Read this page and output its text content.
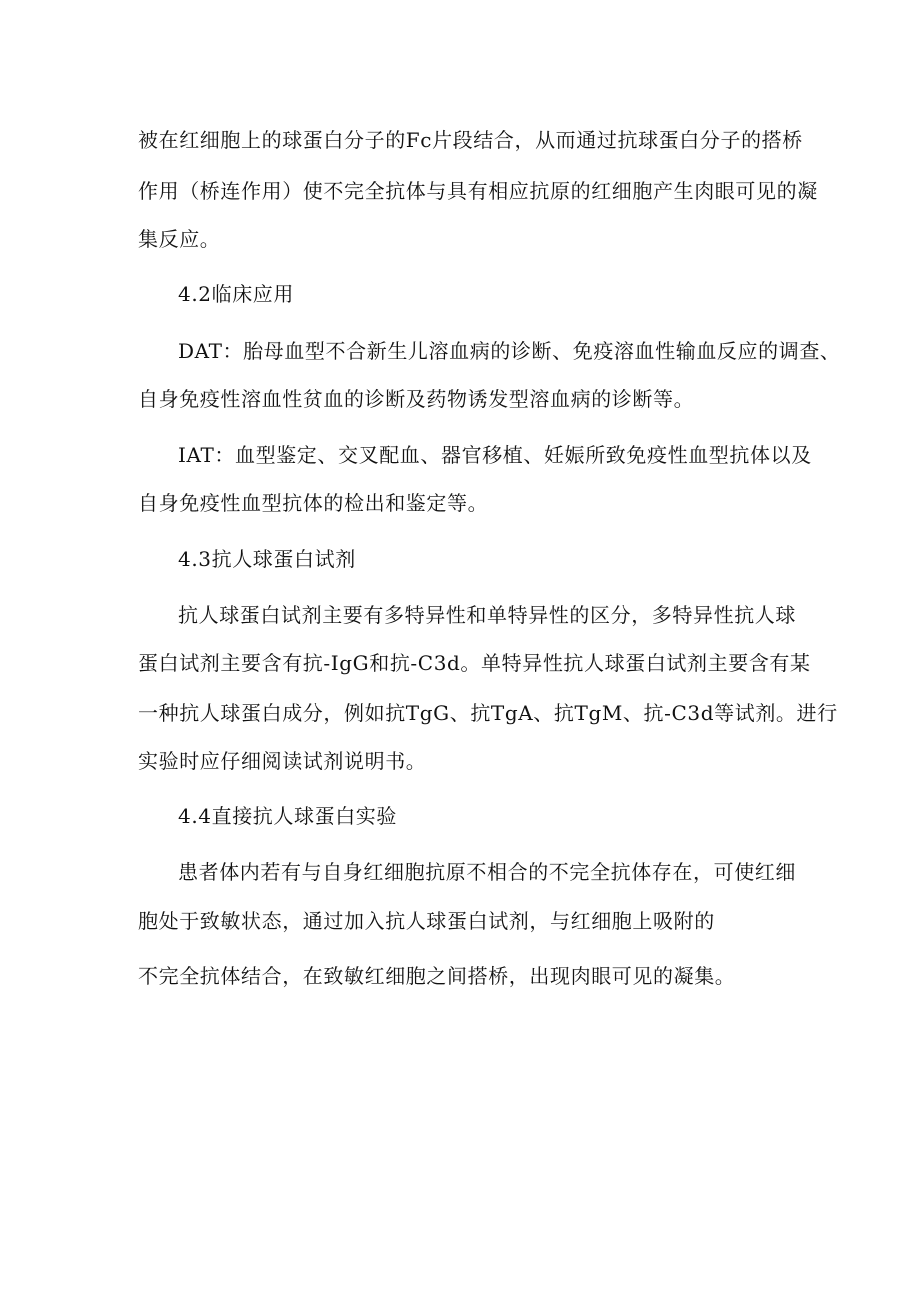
被在红细胞上的球蛋白分子的Fc片段结合，从而通过抗球蛋白分子的搭桥
作用（桥连作用）使不完全抗体与具有相应抗原的红细胞产生肉眼可见的凝
集反应。
4.2临床应用
DAT：胎母血型不合新生儿溶血病的诊断、免疫溶血性输血反应的调查、
自身免疫性溶血性贫血的诊断及药物诱发型溶血病的诊断等。
IAT：血型鉴定、交叉配血、器官移植、妊娠所致免疫性血型抗体以及
自身免疫性血型抗体的检出和鉴定等。
4.3抗人球蛋白试剂
抗人球蛋白试剂主要有多特异性和单特异性的区分，多特异性抗人球
蛋白试剂主要含有抗-IgG和抗-C3d。单特异性抗人球蛋白试剂主要含有某
一种抗人球蛋白成分，例如抗TgG、抗TgA、抗TgM、抗-C3d等试剂。进行
实验时应仔细阅读试剂说明书。
4.4直接抗人球蛋白实验
患者体内若有与自身红细胞抗原不相合的不完全抗体存在，可使红细
胞处于致敏状态，通过加入抗人球蛋白试剂，与红细胞上吸附的
不完全抗体结合，在致敏红细胞之间搭桥，出现肉眼可见的凝集。
